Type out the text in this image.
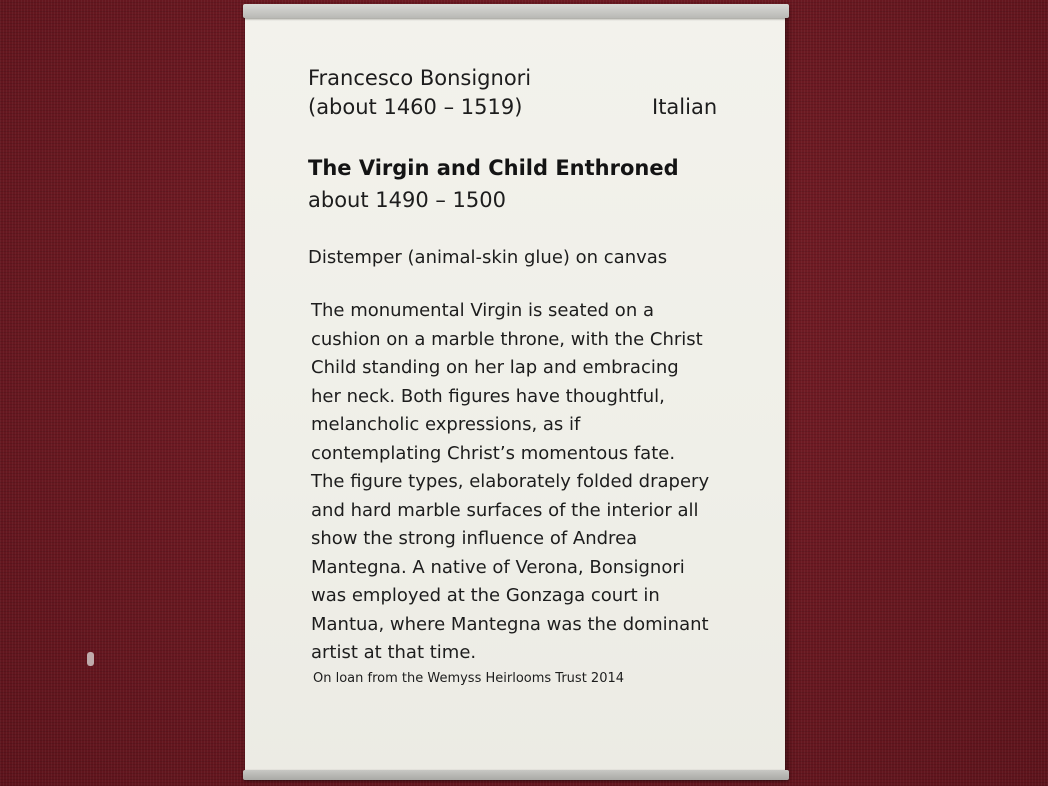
Francesco Bonsignori
(about 1460 – 1519)	Italian
The Virgin and Child Enthroned
about 1490 – 1500
Distemper (animal-skin glue) on canvas
The monumental Virgin is seated on a
cushion on a marble throne, with the Christ
Child standing on her lap and embracing
her neck. Both figures have thoughtful,
melancholic expressions, as if
contemplating Christ’s momentous fate.
The figure types, elaborately folded drapery
and hard marble surfaces of the interior all
show the strong influence of Andrea
Mantegna. A native of Verona, Bonsignori
was employed at the Gonzaga court in
Mantua, where Mantegna was the dominant
artist at that time.
On loan from the Wemyss Heirlooms Trust 2014
